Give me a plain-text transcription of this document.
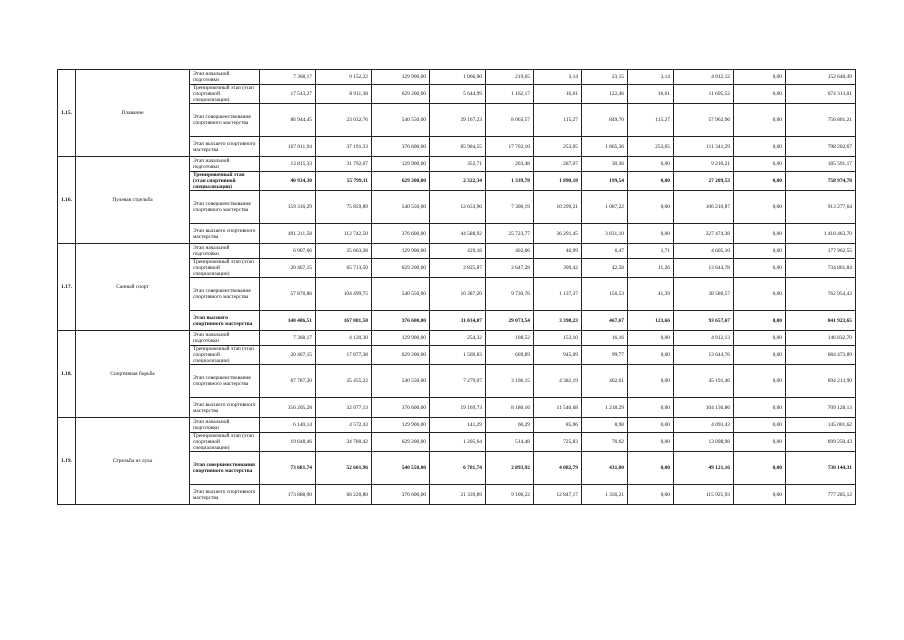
1.15.	Плавание	Этап начальной подготовки	7 368,17	9 152,22	129 900,00	1 066,90	219,65	3,14	23,15	3,14	4 912,12	0,00	152 648,49
		Тренировочный этап (этап спортивной специализации)	17 543,27	8 911,38	629 200,00	5 644,99	1 162,17	16,61	122,46	16,61	11 695,52	0,00	674 313,01
		Этап совершенствования спортивного мастерства	86 944,45	23 032,76	540 550,00	39 167,23	8 063,57	115,27	849,70	115,27	57 962,96	0,00	756 801,21
		Этап высшего спортивного мастерства	167 011,94	37 191,33	376 600,00	85 984,55	17 702,10	253,05	1 865,36	253,05	111 341,29	0,00	798 202,67
1.16.	Пулевая стрельба	Этап начальной подготовки	13 815,33	31 792,07	129 900,00	352,71	203,48	287,07	30,36	0,00	9 210,21	0,00	185 591,17
		Тренировочный этап (этап спортивной специализации)	40 934,30	55 799,11	629 200,00	2 322,34	1 339,78	1 890,18	199,54	0,00	27 289,53	0,00	758 974,78
		Этап совершенствования спортивного мастерства	159 316,29	75 859,89	540 550,00	12 653,96	7 300,19	10 299,21	1 087,22	0,00	106 210,87	0,00	913 277,64
		Этап высшего спортивного мастерства	491 211,58	112 742,50	376 600,00	44 588,92	25 723,77	36 291,45	3 831,10	0,00	327 474,38	0,00	1 418 463,70
1.17.	Санный спорт	Этап начальной подготовки	6 907,66	35 663,38	129 900,00	429,18	402,06	46,99	6,47	1,71	4 605,10	0,00	177 962,55
		Тренировочный этап (этап спортивной специализации)	20 467,15	65 713,50	629 200,00	2 825,87	2 647,28	309,42	42,58	11,26	13 644,78	0,00	734 861,84
		Этап совершенствования спортивного мастерства	57 870,86	104 499,75	540 550,00	10 387,20	9 730,76	1 137,37	156,53	41,39	38 580,57	0,00	762 954,43
		Этап высшего спортивного мастерства	140 486,51	167 081,50	376 600,00	31 034,87	29 073,54	3 398,23	467,67	123,66	93 657,67	0,00	841 923,65
1.18.	Спортивная борьба	Этап начальной подготовки	7 368,17	4 120,30	129 900,00	254,32	108,52	153,10	16,16	0,00	4 912,13	0,00	146 832,70
		Тренировочный этап (этап спортивной специализации)	20 467,15	17 877,38	629 200,00	1 569,83	669,89	945,09	99,77	0,00	13 644,76	0,00	684 473,89
		Этап совершенствования спортивного мастерства	67 787,20	25 455,22	540 550,00	7 279,07	3 106,15	4 382,19	462,61	0,00	45 191,46	0,00	694 213,90
		Этап высшего спортивного мастерства	156 205,28	32 077,13	376 600,00	19 169,73	8 180,16	11 540,68	1 218,29	0,00	104 136,86	0,00	709 128,13
1.19.	Стрельба из лука	Этап начальной подготовки	6 140,14	4 572,43	129 900,00	141,29	60,29	85,06	8,98	0,00	4 093,43	0,00	145 001,62
		Тренировочный этап (этап спортивной специализации)	19 648,46	34 780,42	629 200,00	1 205,64	514,48	725,83	76,62	0,00	13 098,98	0,00	699 250,43
		Этап совершенствования спортивного мастерства	73 681,74	52 601,96	540 550,00	6 781,74	2 893,92	4 082,79	431,00	0,00	49 121,16	0,00	730 144,31
		Этап высшего спортивного мастерства	173 888,90	66 220,80	376 600,00	21 339,89	9 106,22	12 847,17	1 356,21	0,00	115 925,93	0,00	777 285,12
